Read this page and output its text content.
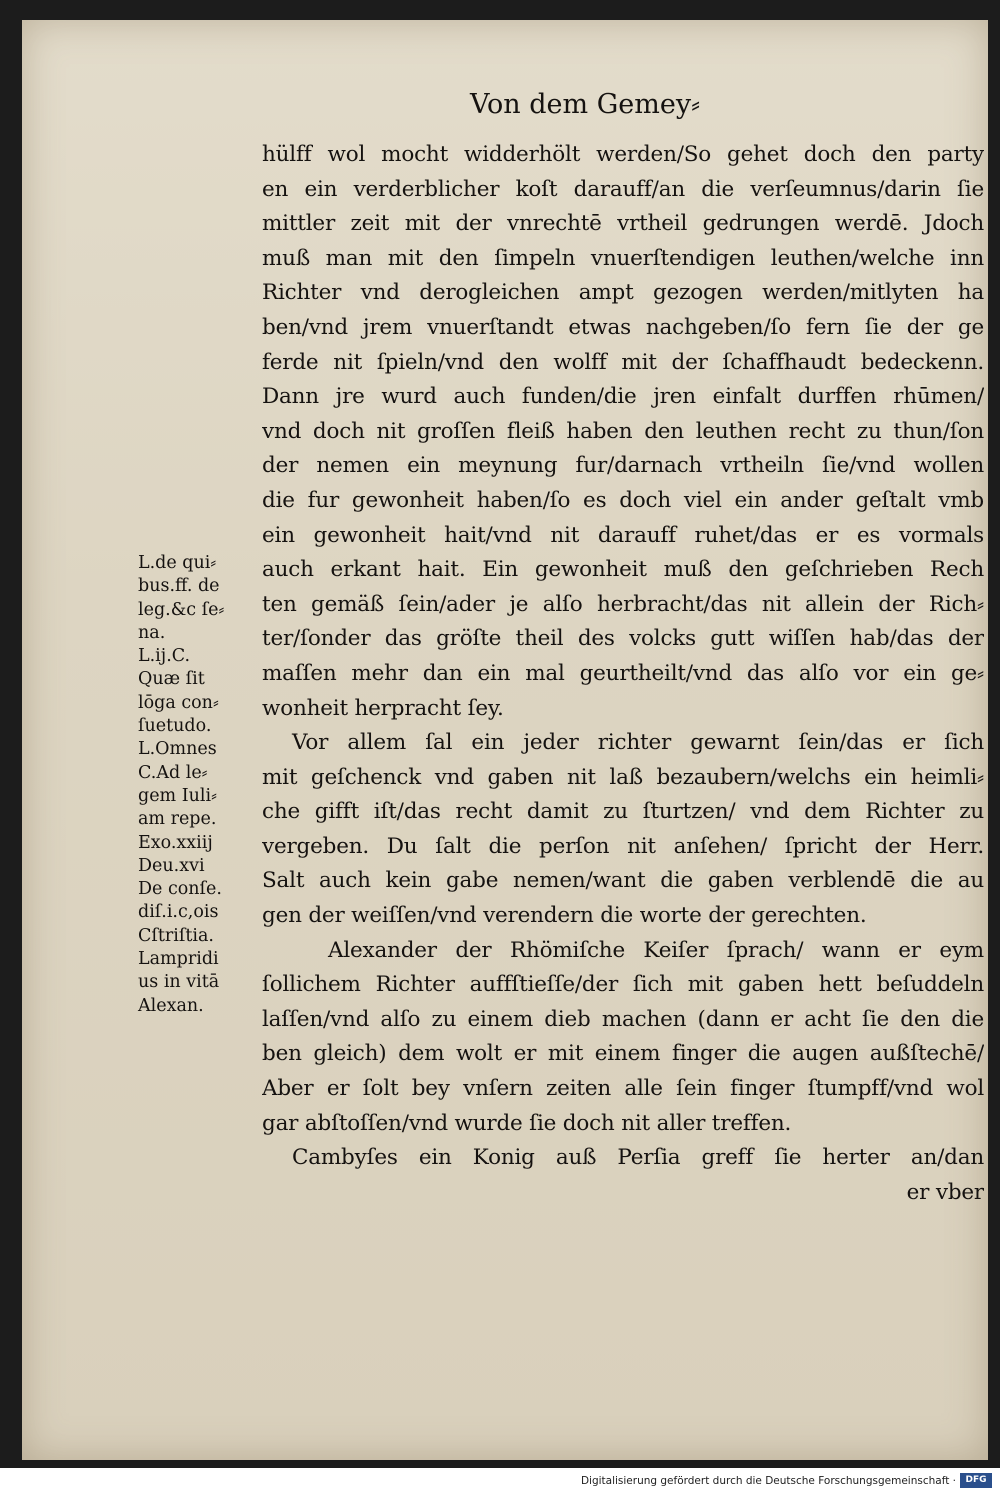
Von dem Gemey⸗
hülff wol mocht widderhölt werden/So gehet doch den party
en ein verderblicher koſt darauff/an die verſeumnus/darin ſie
mittler zeit mit der vnrechtē vrtheil gedrungen werdē. Jdoch
muß man mit den ſimpeln vnuerſtendigen leuthen/welche inn
Richter vnd derogleichen ampt gezogen werden/mitlyten ha
ben/vnd jrem vnuerſtandt etwas nachgeben/ſo fern ſie der ge
ferde nit ſpieln/vnd den wolff mit der ſchaffhaudt bedeckenn.
Dann jre wurd auch funden/die jren einfalt durffen rhūmen/
vnd doch nit groſſen fleiß haben den leuthen recht zu thun/ſon
der nemen ein meynung fur/darnach vrtheiln ſie/vnd wollen
die fur gewonheit haben/ſo es doch viel ein ander geſtalt vmb
ein gewonheit hait/vnd nit darauff ruhet/das er es vormals
auch erkant hait. Ein gewonheit muß den geſchrieben Rech
ten gemäß ſein/ader je alſo herbracht/das nit allein der Rich⸗
ter/ſonder das gröſte theil des volcks gutt wiſſen hab/das der
maſſen mehr dan ein mal geurtheilt/vnd das alſo vor ein ge⸗
wonheit herpracht ſey.
Vor allem ſal ein jeder richter gewarnt ſein/das er ſich
mit geſchenck vnd gaben nit laß bezaubern/welchs ein heimli⸗
che gifft iſt/das recht damit zu ſturtzen/ vnd dem Richter zu
vergeben. Du ſalt die perſon nit anſehen/ ſpricht der Herr.
Salt auch kein gabe nemen/want die gaben verblendē die au
gen der weiſſen/vnd verendern die worte der gerechten.
Alexander der Rhömiſche Keiſer ſprach/ wann er eym
ſollichem Richter auffſtieſſe/der ſich mit gaben hett beſuddeln
laſſen/vnd alſo zu einem dieb machen (dann er acht ſie den die
ben gleich) dem wolt er mit einem finger die augen außſtechē/
Aber er ſolt bey vnſern zeiten alle ſein finger ſtumpff/vnd wol
gar abſtoſſen/vnd wurde ſie doch nit aller treffen.
Cambyſes ein Konig auß Perſia greff ſie herter an/dan
er vber
L.de qui⸗
bus.ff. de
leg.&c ſe⸗
na.
L.ij.C.
Quæ ſit
lōga con⸗
ſuetudo.
L.Omnes
C.Ad le⸗
gem Iuli⸗
am repe.
Exo.xxiij
Deu.xvi
De conſe.
diſ.i.c,ois
Cſtriſtia.
Lampridi
us in vitā
Alexan.
Digitalisierung gefördert durch die Deutsche Forschungsgemeinschaft ·	DFG
